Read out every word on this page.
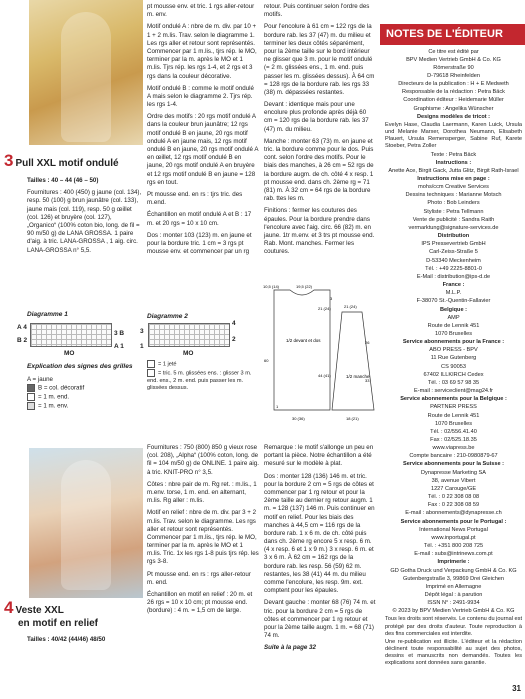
3 Pull XXL motif ondulé

Tailles : 40 – 44 (46 – 50)

Fournitures : 400 (450) g jaune (col. 134), resp. 50 (100) g brun jaunâtre (col. 133), jaune mais (col. 119), resp. 50 g œillet (col. 126) et bruyère (col. 127), „Organico“ (100% coton bio, long. de fil = 90 m/50 g) de LANA GROSSA. 1 paire d'aig. à tric. LANA-GROSSA , 1 aig. circ. LANA-GROSSA n° 5,5.

Diagramme 1
A 4
B 2
3 B
A 1
MO

Explication des signes des grilles

A = jaune
B = col. décoratif
= 1 m. end.
= 1 m. env.
4 Veste XXL
en motif en relief
Tailles : 40/42 (44/46) 48/50

pt mousse env. et tric. 1 rgs aller-retour m. env.

Motif ondulé A : nbre de m. div. par 10 + 1 + 2 m.lis. Trav. selon le diagramme 1. Les rgs aller et retour sont représentés. Commencer par 1 m.lis., tjrs rép. le MO, terminer par la m. après le MO et 1 m.lis. Tjrs rép. les rgs 1-4, et 2 rgs et 3 rgs dans la couleur décorative.

Motif ondulé B : comme le motif ondulé A mais selon le diagramme 2. Tjrs rép. les rgs 1-4.

Ordre des motifs : 20 rgs motif ondulé A dans la couleur brun jaunâtre; 12 rgs motif ondulé B en jaune, 20 rgs motif ondulé A en jaune mais, 12 rgs motif ondulé B en jaune, 20 rgs motif ondulé A en œillet, 12 rgs motif ondulé B en jaune, 20 rgs motif ondulé A en bruyère et 12 rgs motif ondulé B en jaune = 128 rgs en tout.

Pt mousse end. en rs : tjrs tric. des m.end.

Échantillon en motif ondulé A et B : 17 m. et 20 rgs = 10 x 10 cm.

Dos : monter 103 (123) m. en jaune et pour la bordure tric. 1 cm = 3 rgs pt mousse env. et commencer par un rg

Diagramme 2
4
2
3
1
MO
= 1 jeté
= tric. 5 m. glissées ens. : glisser 3 m. end. ens., 2 m. end. puis passer les m. glissées dessus.

Fournitures : 750 (800) 850 g vieux rose (col. 208), „Alpha“ (100% coton, long. de fil = 104 m/50 g) de ONLINE. 1 paire aig. à tric. KNIT-PRO n° 3,5.

Côtes : nbre pair de m. Rg ret. : m.lis., 1 m.env. torse, 1 m. end. en alternant, m.lis. Rg aller : m.lis.

Motif en relief : nbre de m. div. par 3 + 2 m.lis. Trav. selon le diagramme. Les rgs aller et retour sont représentés. Commencer par 1 m.lis., tjrs rép. le MO, terminer par la m. après le MO et 1 m.lis. Tric. 1x les rgs 1-8 puis tjrs rép. les rgs 3-8.

Pt mousse end. en rs : rgs aller-retour m. end.

Échantillon en motif en relief : 20 m. et 26 rgs = 10 x 10 cm; pt mousse end. (bordure) : 4 m. = 1,5 cm de large.

retour. Puis continuer selon l'ordre des motifs.

Pour l'encolure à 61 cm = 122 rgs de la bordure rab. les 37 (47) m. du milieu et terminer les deux côtés séparément, pour la 2ème taille sur le bord intérieur ne glisser que 3 m. pour le motif ondulé (= 2 m. glissées ens., 1 m. end. puis passer les m. glissées dessus). À 64 cm = 128 rgs de la bordure rab. les rgs 33 (38) m. dépassées restantes.

Devant : identique mais pour une encolure plus profonde après déjà 60 cm = 120 rgs de la bordure rab. les 37 (47) m. du milieu.

Manche : monter 63 (73) m. en jaune et tric. la bordure comme pour le dos. Puis cont. selon l'ordre des motifs. Pour le biais des manches, à 26 cm = 52 rgs de la bordure augm. de ch. côté 4 x resp. 1 pt mousse end. dans ch. 2ème rg = 71 (81) m. À 32 cm = 64 rgs de la bordure rab. ttes les m.

Finitions : fermer les coutures des épaules. Pour la bordure prendre dans l'encolure avec l'aig. circ. 66 (82) m. en jaune. 1tr m.env. et 3 trs pt mousse end. Rab. Mont. manches. Fermer les coutures.

10,5 (14)	19,5 (22)
3
1/2 devant et dos
21 (24)
60
44 (41)
1
30 (36)
1/2 manche
26
33
18 (21)
21 (24)

Remarque : le motif s'allonge un peu en portant la pièce. Notre échantillon a été mesuré sur le modèle à plat.

Dos : monter 128 (136) 146 m. et tric. pour la bordure 2 cm = 5 rgs de côtes et commencer par 1 rg retour et pour la 2ème taille au dernier rg retour augm. 1 m. = 128 (137) 146 m. Puis continuer en motif en relief. Pour les biais des manches à 44,5 cm = 116 rgs de la bordure rab. 1 x 6 m. de ch. côté puis dans ch. 2ème rg encore 5 x resp. 6 m. (4 x resp. 6 et 1 x 9 m.) 3 x resp. 6 m. et 3 x 6 m. À 62 cm = 162 rgs de la bordure rab. les resp. 56 (59) 62 m. restantes, les 38 (41) 44 m. du milieu comme l'encolure, les resp. 9m. ext. comptent pour les épaules.

Devant gauche : monter 68 (76) 74 m. et tric. pour la bordure 2 cm = 5 rgs de côtes et commencer par 1 rg retour et pour la 2ème taille augm. 1 m. = 68 (71) 74 m.

Suite à la page 32

NOTES DE L'ÉDITEUR

Ce titre est édité par

BPV Medien Vertrieb GmbH & Co. KG

Römerstraße 90

D-79618 Rheinfelden

Directeurs de la publication : H + E Medweth

Responsable de la rédaction : Petra Bäck

Coordination éditeur : Heidemarie Müller

Graphisme : Angelika Wünscher

Designs modèles de tricot :

Evelyn Hase, Claudia Laermann, Karen Luick, Ursula und Melanie Marxer, Dorothea Neumann, Elisabeth Plauert, Ursula Remensperger, Sabine Ruf, Karete Stoeber, Petra Zoller

Texte : Petra Bäck

Instructions :

Anette Ace, Birgit Gack, Jutta Glitz, Birgit Rath-Israel

Instructions mise en page :

mohs/ccm Creative Services

Dessins techniques : Marianne Motsch

Photo : Bob Leinders

Styliste : Petra Tellmann

Vente de publicité : Sandra Raith

vermarktung@signature-services.de

Distribution

IPS Pressevertrieb GmbH

Carl-Zeiss-Straße 5

D-53340 Meckenheim

Tél. : +49 2225-8801-0

E-Mail : distribution@ips-d.de

France :

M.L.P.

F-38070 St.-Quentin-Fallavier

Belgique :

AMP

Route de Lennik 451

1070 Bruxelles

Service abonnements pour la France :

ABO PRESS - BPV

11 Rue Gutenberg

CS 90053

67402 ILLKIRCH Cedex

Tél. : 03 69 57 98 35

E-mail : serviceclient@mag24.fr

Service abonnements pour la Belgique :

PARTNER PRESS

Route de Lennik 451

1070 Bruxelles

Tél. : 02/556.41.40

Fax : 02/525.18.35

www.viapress.be

Compte bancaire : 210-0980879-67

Service abonnements pour la Suisse :

Dynapresse Marketing SA

38, avenue Vibert

1227 Carouge/GE

Tél. : 0 22 308 08 08

Fax : 0 22 308 08 59

E-mail : abonnements@dynapresse.ch

Service abonnements pour le Portugal :

International News Portugal

www.inportugal.pt

Tél. : +351 800 208 725

E-mail : subs@intrinews.com.pt

Imprimerie :

GD Gotha Druck und Verpackung GmbH & Co. KG

Gutenbergstraße 3, 99869 Drei Gleichen

Imprimé en Allemagne

Dépôt légal : à parution

ISSN N° : 2491-9934

© 2023 by BPV Medien Vertrieb GmbH & Co. KG

Tous les droits sont réservés. Le contenu du journal est protégé par des droits d'auteur. Toute reproduction à des fins commerciales est interdite.

Une re-publication est illicite. L'éditeur et la rédaction déclinent toute responsabilité au sujet des photos, dessins et manuscrits non demandés. Toutes les explications sont données sans garantie.

31
